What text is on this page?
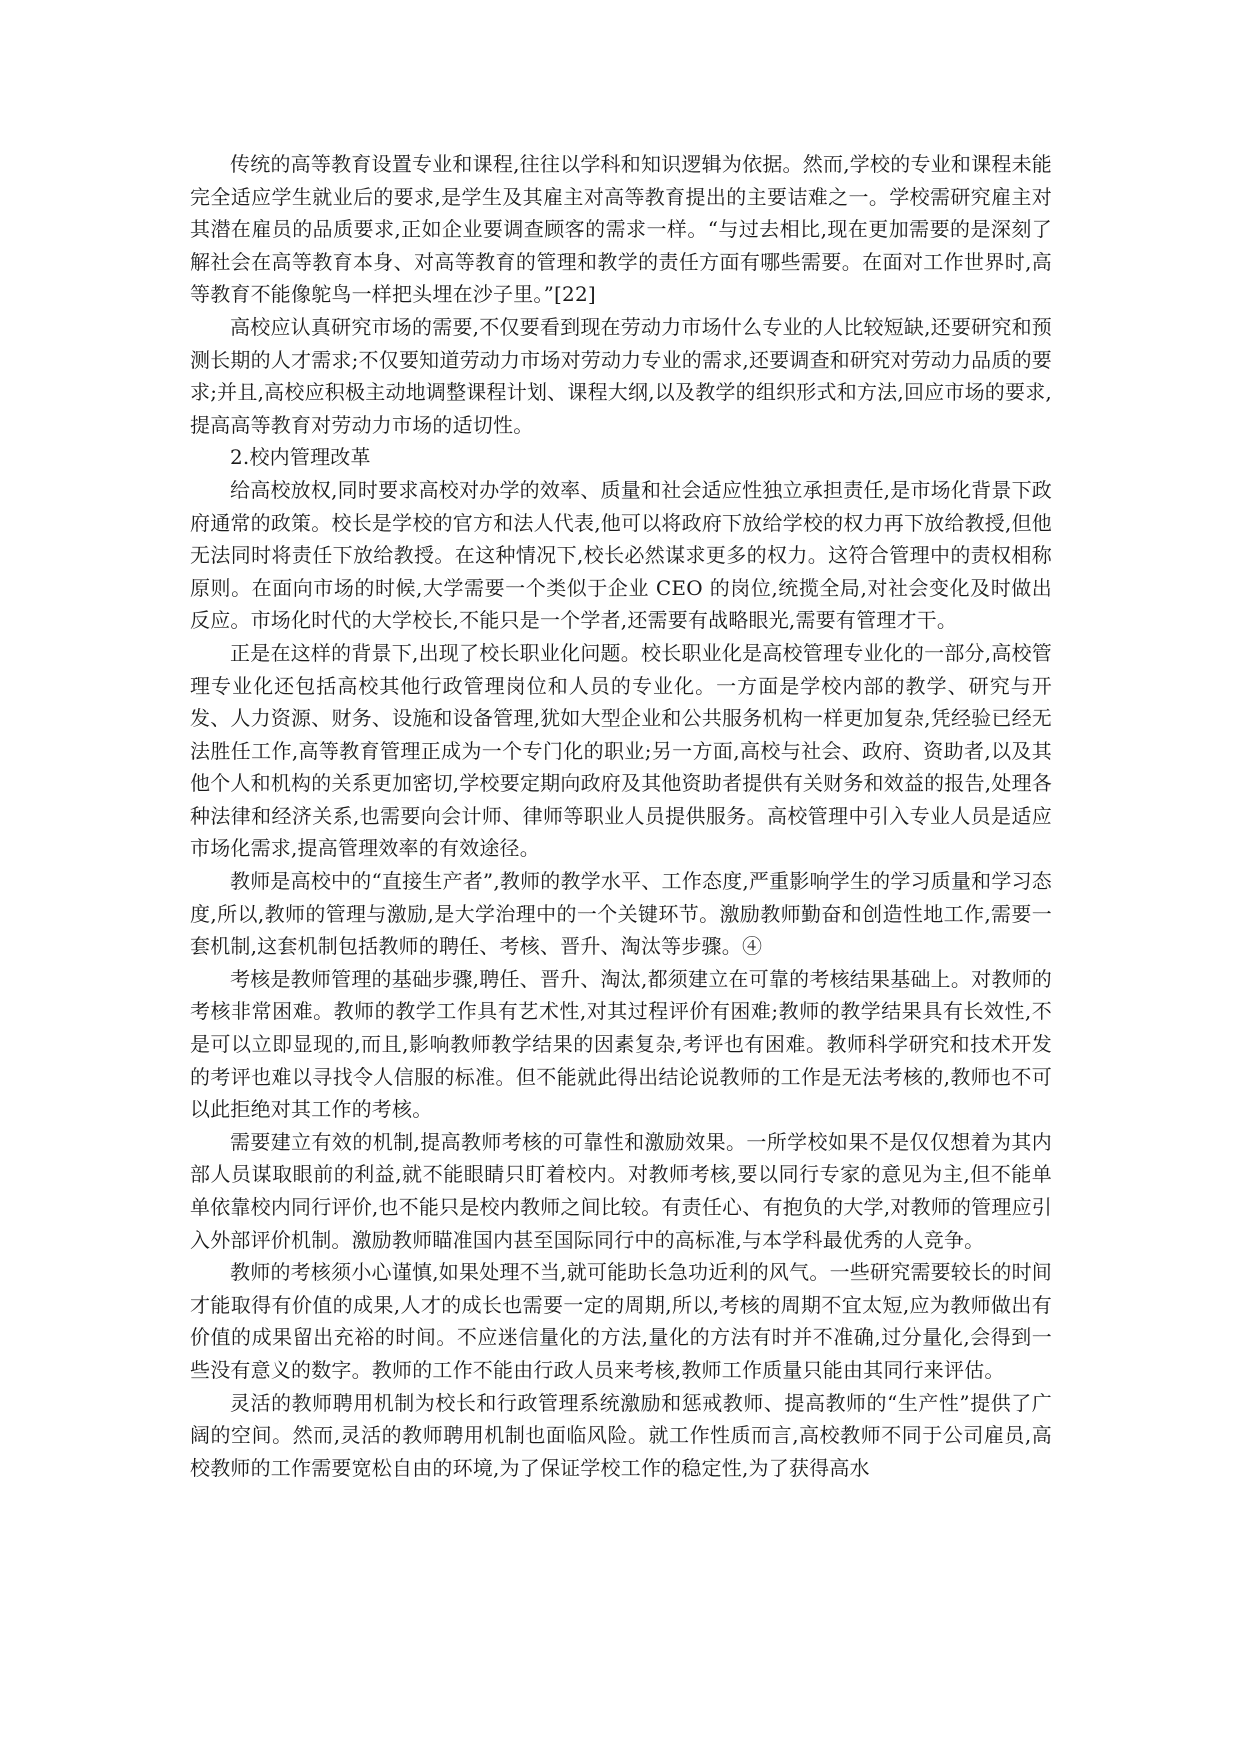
传统的高等教育设置专业和课程,往往以学科和知识逻辑为依据。然而,学校的专业和课程未能完全适应学生就业后的要求,是学生及其雇主对高等教育提出的主要诘难之一。学校需研究雇主对其潜在雇员的品质要求,正如企业要调查顾客的需求一样。“与过去相比,现在更加需要的是深刻了解社会在高等教育本身、对高等教育的管理和教学的责任方面有哪些需要。在面对工作世界时,高等教育不能像鸵鸟一样把头埋在沙子里。”[22]

高校应认真研究市场的需要,不仅要看到现在劳动力市场什么专业的人比较短缺,还要研究和预测长期的人才需求;不仅要知道劳动力市场对劳动力专业的需求,还要调查和研究对劳动力品质的要求;并且,高校应积极主动地调整课程计划、课程大纲,以及教学的组织形式和方法,回应市场的要求,提高高等教育对劳动力市场的适切性。

2.校内管理改革

给高校放权,同时要求高校对办学的效率、质量和社会适应性独立承担责任,是市场化背景下政府通常的政策。校长是学校的官方和法人代表,他可以将政府下放给学校的权力再下放给教授,但他无法同时将责任下放给教授。在这种情况下,校长必然谋求更多的权力。这符合管理中的责权相称原则。在面向市场的时候,大学需要一个类似于企业 CEO 的岗位,统揽全局,对社会变化及时做出反应。市场化时代的大学校长,不能只是一个学者,还需要有战略眼光,需要有管理才干。

正是在这样的背景下,出现了校长职业化问题。校长职业化是高校管理专业化的一部分,高校管理专业化还包括高校其他行政管理岗位和人员的专业化。一方面是学校内部的教学、研究与开发、人力资源、财务、设施和设备管理,犹如大型企业和公共服务机构一样更加复杂,凭经验已经无法胜任工作,高等教育管理正成为一个专门化的职业;另一方面,高校与社会、政府、资助者,以及其他个人和机构的关系更加密切,学校要定期向政府及其他资助者提供有关财务和效益的报告,处理各种法律和经济关系,也需要向会计师、律师等职业人员提供服务。高校管理中引入专业人员是适应市场化需求,提高管理效率的有效途径。

教师是高校中的“直接生产者”,教师的教学水平、工作态度,严重影响学生的学习质量和学习态度,所以,教师的管理与激励,是大学治理中的一个关键环节。激励教师勤奋和创造性地工作,需要一套机制,这套机制包括教师的聘任、考核、晋升、淘汰等步骤。④

考核是教师管理的基础步骤,聘任、晋升、淘汰,都须建立在可靠的考核结果基础上。对教师的考核非常困难。教师的教学工作具有艺术性,对其过程评价有困难;教师的教学结果具有长效性,不是可以立即显现的,而且,影响教师教学结果的因素复杂,考评也有困难。教师科学研究和技术开发的考评也难以寻找令人信服的标准。但不能就此得出结论说教师的工作是无法考核的,教师也不可以此拒绝对其工作的考核。

需要建立有效的机制,提高教师考核的可靠性和激励效果。一所学校如果不是仅仅想着为其内部人员谋取眼前的利益,就不能眼睛只盯着校内。对教师考核,要以同行专家的意见为主,但不能单单依靠校内同行评价,也不能只是校内教师之间比较。有责任心、有抱负的大学,对教师的管理应引入外部评价机制。激励教师瞄准国内甚至国际同行中的高标准,与本学科最优秀的人竞争。

教师的考核须小心谨慎,如果处理不当,就可能助长急功近利的风气。一些研究需要较长的时间才能取得有价值的成果,人才的成长也需要一定的周期,所以,考核的周期不宜太短,应为教师做出有价值的成果留出充裕的时间。不应迷信量化的方法,量化的方法有时并不准确,过分量化,会得到一些没有意义的数字。教师的工作不能由行政人员来考核,教师工作质量只能由其同行来评估。

灵活的教师聘用机制为校长和行政管理系统激励和惩戒教师、提高教师的“生产性”提供了广阔的空间。然而,灵活的教师聘用机制也面临风险。就工作性质而言,高校教师不同于公司雇员,高校教师的工作需要宽松自由的环境,为了保证学校工作的稳定性,为了获得高水
